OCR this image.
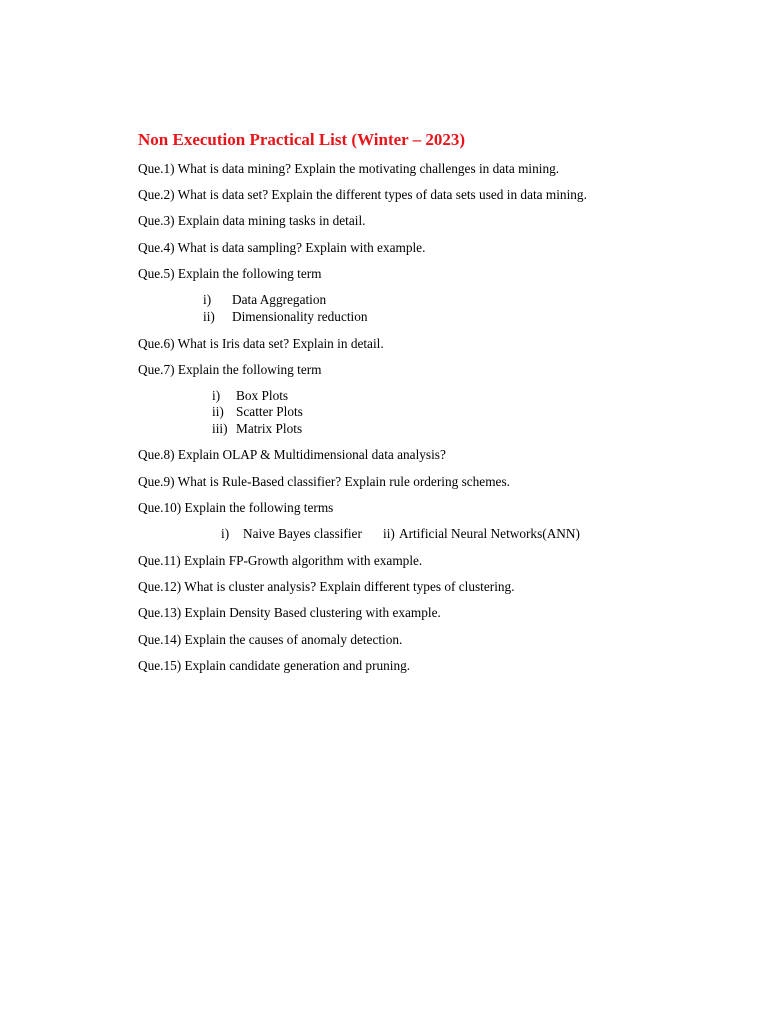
Non Execution Practical List (Winter – 2023)
Que.1) What is data mining? Explain the motivating challenges in data mining.
Que.2) What is data set? Explain the different types of data sets used in data mining.
Que.3) Explain data mining tasks in detail.
Que.4) What is data sampling? Explain with example.
Que.5) Explain the following term
i) Data Aggregation
ii) Dimensionality reduction
Que.6) What is Iris data set? Explain in detail.
Que.7) Explain the following term
i) Box Plots
ii) Scatter Plots
iii) Matrix Plots
Que.8) Explain OLAP & Multidimensional data analysis?
Que.9) What is Rule-Based classifier? Explain rule ordering schemes.
Que.10) Explain the following terms
i) Naive Bayes classifier ii) Artificial Neural Networks(ANN)
Que.11) Explain FP-Growth algorithm with example.
Que.12) What is cluster analysis? Explain different types of clustering.
Que.13) Explain Density Based clustering with example.
Que.14) Explain the causes of anomaly detection.
Que.15) Explain candidate generation and pruning.
